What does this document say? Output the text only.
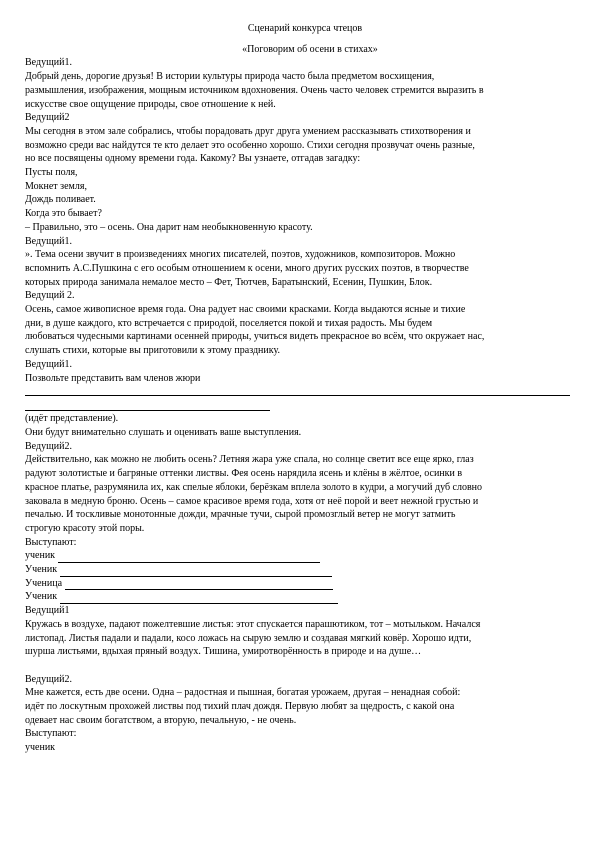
Сценарий конкурса чтецов
«Поговорим об осени в стихах»
Ведущий1.
Добрый день, дорогие друзья! В истории культуры природа часто была предметом восхищения,
размышления, изображения, мощным источником вдохновения. Очень часто человек стремится выразить в
искусстве свое ощущение природы, свое отношение к ней.
Ведущий2
Мы сегодня в этом зале собрались, чтобы порадовать друг друга умением рассказывать стихотворения и
возможно среди вас найдутся те кто делает это особенно хорошо. Стихи сегодня прозвучат очень разные,
но все посвящены одному времени года. Какому? Вы узнаете, отгадав загадку:
Пусты поля,
Мокнет земля,
Дождь поливает.
Когда это бывает?
– Правильно, это – осень. Она дарит нам необыкновенную красоту.
Ведущий1.
». Тема осени звучит в произведениях многих писателей, поэтов, художников, композиторов. Можно
вспомнить А.С.Пушкина с его особым отношением к осени, много других русских поэтов, в творчестве
которых природа занимала немалое место – Фет, Тютчев, Баратынский, Есенин, Пушкин, Блок.
Ведущий 2.
Осень, самое живописное время года. Она радует нас своими красками. Когда выдаются ясные и тихие
дни, в душе каждого, кто встречается с природой, поселяется покой и тихая радость. Мы будем
любоваться чудесными картинами осенней природы, учиться видеть прекрасное во всём, что окружает нас,
слушать стихи, которые вы приготовили к этому празднику.
Ведущий1.
Позвольте представить вам членов жюри
(идёт представление).
Они будут внимательно слушать и оценивать ваше выступления.
Ведущий2.
Действительно, как можно не любить осень? Летняя жара уже спала, но солнце светит все еще ярко, глаз
радуют золотистые и багряные оттенки листвы. Фея осень нарядила ясень и клёны в жёлтое, осинки в
красное платье, разрумянила их, как спелые яблоки, берёзкам вплела золото в кудри, а могучий дуб словно
заковала в медную броню. Осень – самое красивое время года, хотя от неё порой и веет нежной грустью и
печалью. И тоскливые монотонные дожди, мрачные тучи, сырой промозглый ветер не могут затмить
строгую красоту этой поры.
Выступают:
ученик
Ученик
Ученица
Ученик
Ведущий1
Кружась в воздухе, падают пожелтевшие листья: этот спускается парашютиком, тот – мотыльком. Начался
листопад. Листья падали и падали, косо ложась на сырую землю и создавая мягкий ковёр. Хорошо идти,
шурша листьями, вдыхая пряный воздух. Тишина, умиротворённость в природе и на душе…
Ведущий2.
Мне кажется, есть две осени. Одна – радостная и пышная, богатая урожаем, другая – ненадная собой:
идёт по лоскутным прохожей листвы под тихий плач дождя. Первую любят за щедрость, с какой она
одевает нас своим богатством, а вторую, печальную, - не очень.
Выступают:
ученик
